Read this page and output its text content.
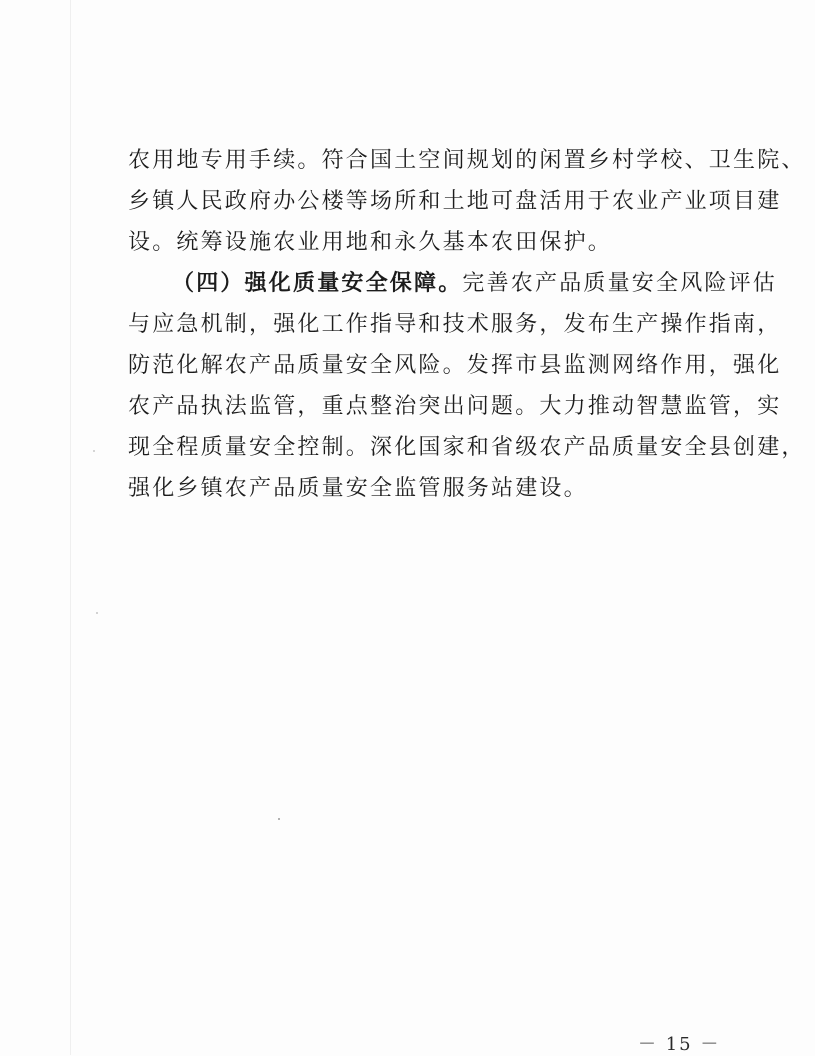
农用地专用手续。符合国土空间规划的闲置乡村学校、卫生院、
乡镇人民政府办公楼等场所和土地可盘活用于农业产业项目建
设。统筹设施农业用地和永久基本农田保护。
（四）强化质量安全保障。完善农产品质量安全风险评估
与应急机制，强化工作指导和技术服务，发布生产操作指南，
防范化解农产品质量安全风险。发挥市县监测网络作用，强化
农产品执法监管，重点整治突出问题。大力推动智慧监管，实
现全程质量安全控制。深化国家和省级农产品质量安全县创建，
强化乡镇农产品质量安全监管服务站建设。
－ 15 －
